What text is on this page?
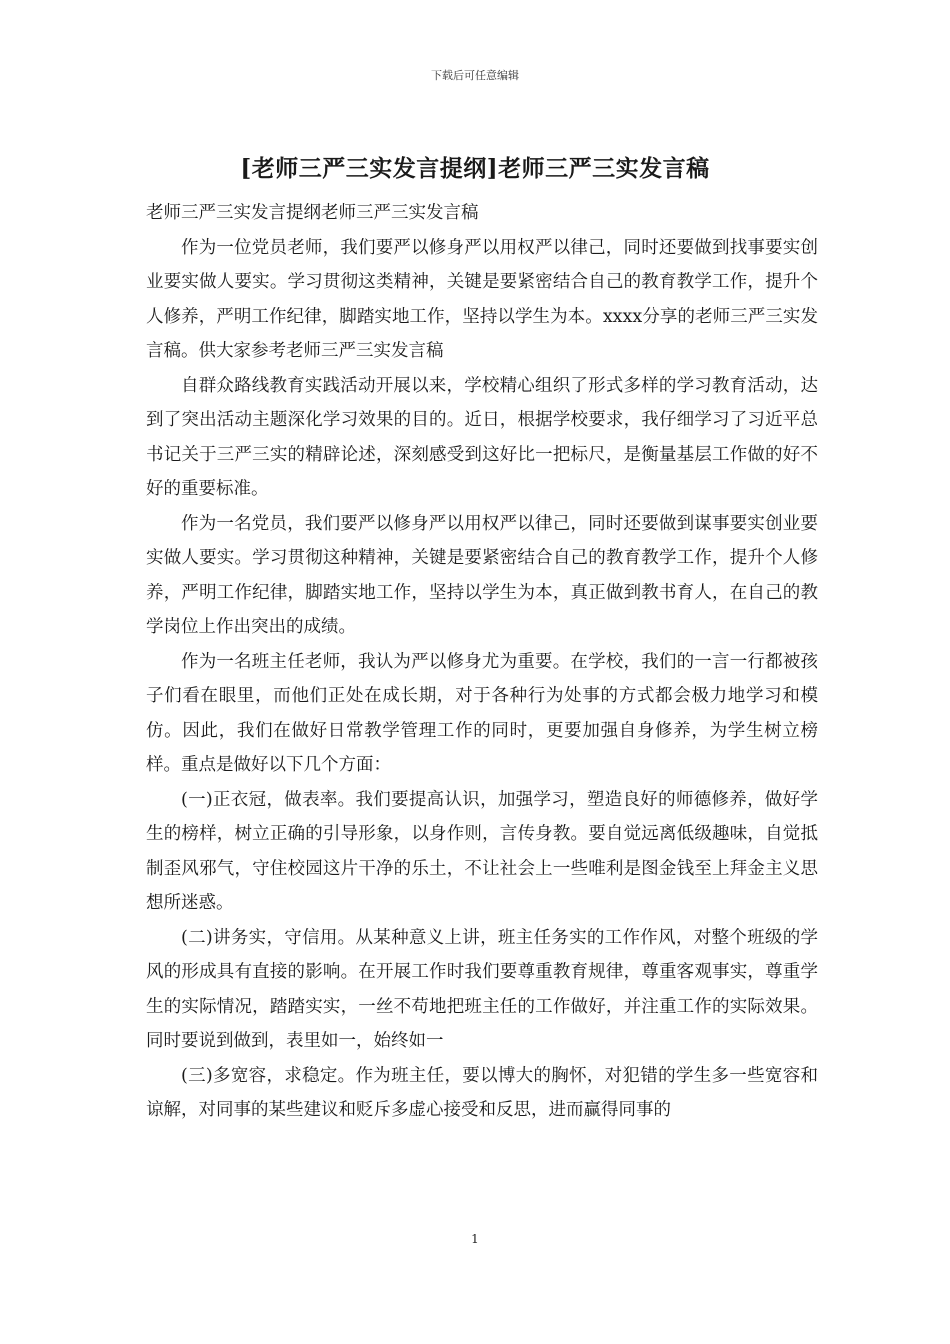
下载后可任意编辑
[老师三严三实发言提纲]老师三严三实发言稿

老师三严三实发言提纲老师三严三实发言稿

作为一位党员老师，我们要严以修身严以用权严以律己，同时还要做到找事要实创业要实做人要实。学习贯彻这类精神，关键是要紧密结合自己的教育教学工作，提升个人修养，严明工作纪律，脚踏实地工作，坚持以学生为本。xxxx分享的老师三严三实发言稿。供大家参考老师三严三实发言稿

自群众路线教育实践活动开展以来，学校精心组织了形式多样的学习教育活动，达到了突出活动主题深化学习效果的目的。近日，根据学校要求，我仔细学习了习近平总书记关于三严三实的精辟论述，深刻感受到这好比一把标尺，是衡量基层工作做的好不好的重要标准。

作为一名党员，我们要严以修身严以用权严以律己，同时还要做到谋事要实创业要实做人要实。学习贯彻这种精神，关键是要紧密结合自己的教育教学工作，提升个人修养，严明工作纪律，脚踏实地工作，坚持以学生为本，真正做到教书育人，在自己的教学岗位上作出突出的成绩。

作为一名班主任老师，我认为严以修身尤为重要。在学校，我们的一言一行都被孩子们看在眼里，而他们正处在成长期，对于各种行为处事的方式都会极力地学习和模仿。因此，我们在做好日常教学管理工作的同时，更要加强自身修养，为学生树立榜样。重点是做好以下几个方面：

(一)正衣冠，做表率。我们要提高认识，加强学习，塑造良好的师德修养，做好学生的榜样，树立正确的引导形象，以身作则，言传身教。要自觉远离低级趣味，自觉抵制歪风邪气，守住校园这片干净的乐土，不让社会上一些唯利是图金钱至上拜金主义思想所迷惑。

(二)讲务实，守信用。从某种意义上讲，班主任务实的工作作风，对整个班级的学风的形成具有直接的影响。在开展工作时我们要尊重教育规律，尊重客观事实，尊重学生的实际情况，踏踏实实，一丝不苟地把班主任的工作做好，并注重工作的实际效果。同时要说到做到，表里如一，始终如一

(三)多宽容，求稳定。作为班主任，要以博大的胸怀，对犯错的学生多一些宽容和谅解，对同事的某些建议和贬斥多虚心接受和反思，进而赢得同事的

1
